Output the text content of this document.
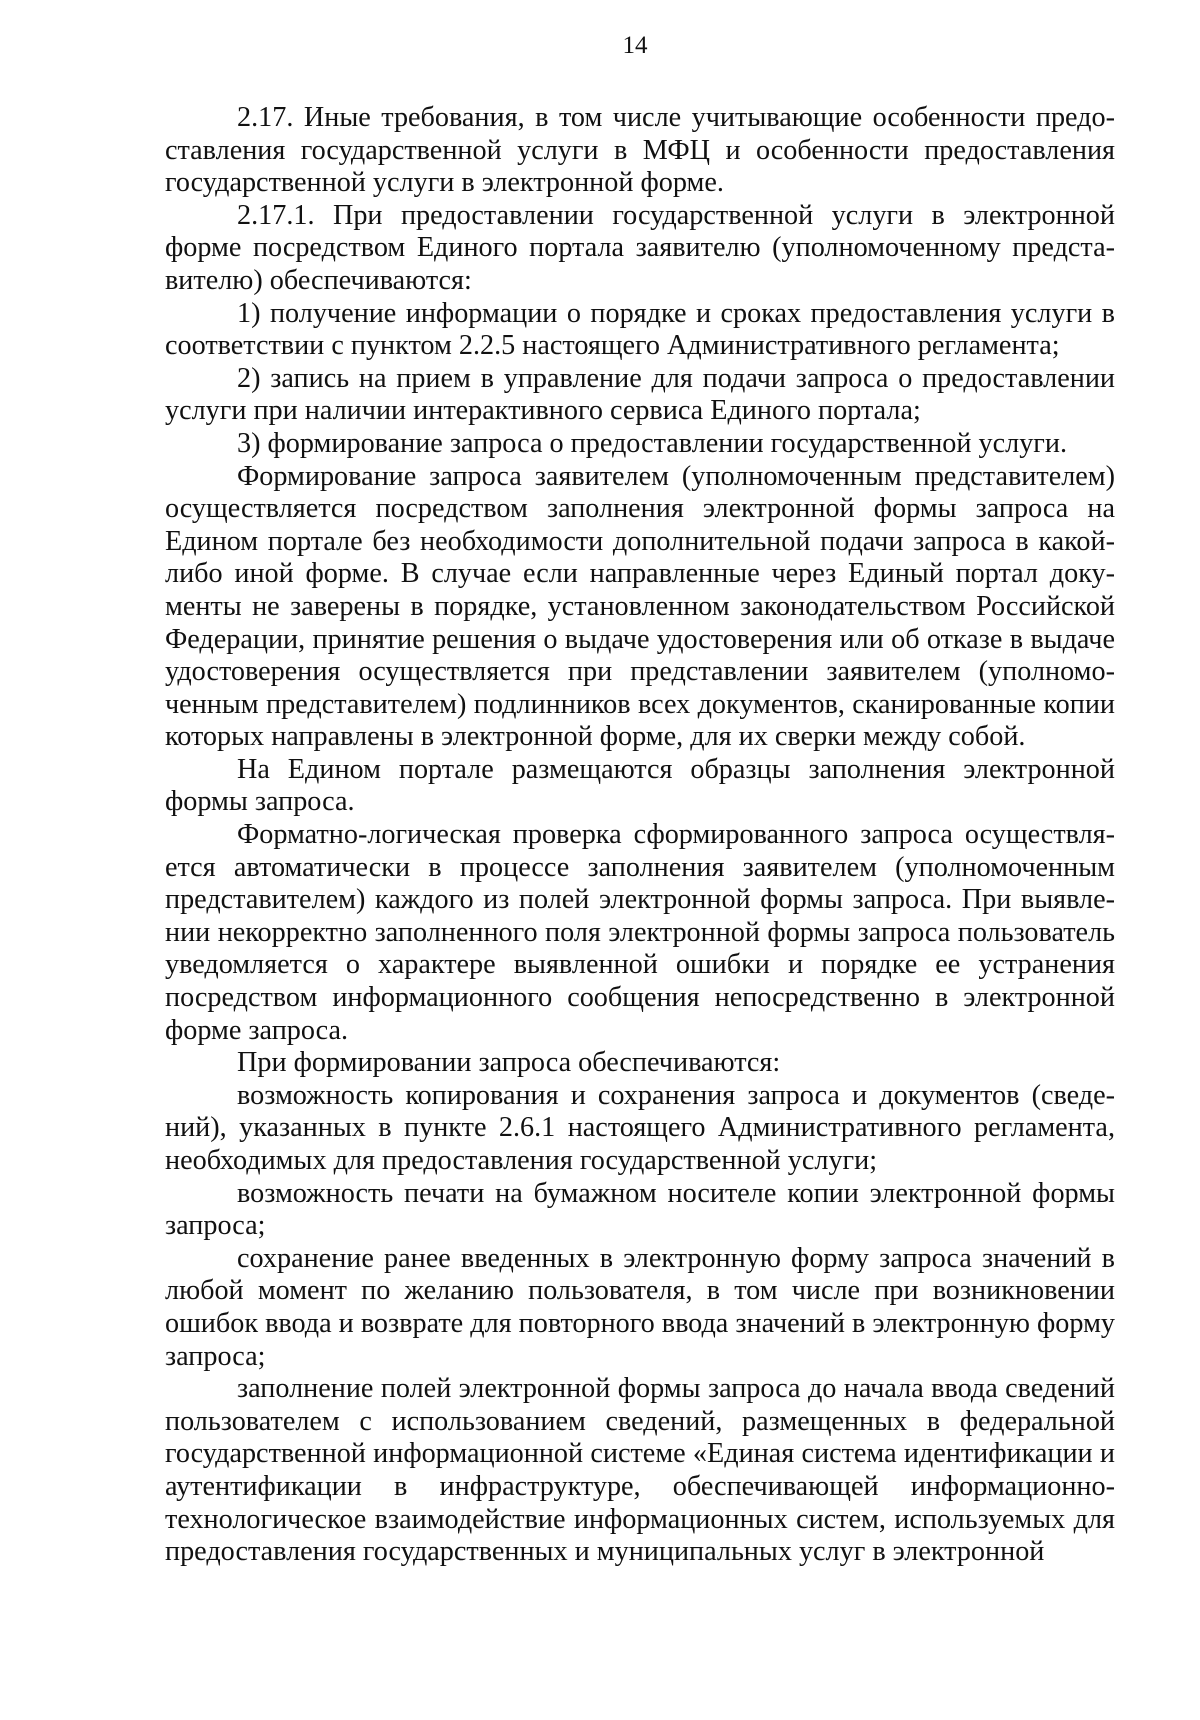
14

2.17. Иные требования, в том числе учитывающие особенности предоставления государственной услуги в МФЦ и особенности предоставления государственной услуги в электронной форме.

2.17.1. При предоставлении государственной услуги в электронной форме посредством Единого портала заявителю (уполномоченному представителю) обеспечиваются:

1) получение информации о порядке и сроках предоставления услуги в соответствии с пунктом 2.2.5 настоящего Административного регламента;

2) запись на прием в управление для подачи запроса о предоставлении услуги при наличии интерактивного сервиса Единого портала;

3) формирование запроса о предоставлении государственной услуги.

Формирование запроса заявителем (уполномоченным представителем) осуществляется посредством заполнения электронной формы запроса на Едином портале без необходимости дополнительной подачи запроса в какой-либо иной форме. В случае если направленные через Единый портал документы не заверены в порядке, установленном законодательством Российской Федерации, принятие решения о выдаче удостоверения или об отказе в выдаче удостоверения осуществляется при представлении заявителем (уполномоченным представителем) подлинников всех документов, сканированные копии которых направлены в электронной форме, для их сверки между собой.

На Едином портале размещаются образцы заполнения электронной формы запроса.

Форматно-логическая проверка сформированного запроса осуществляется автоматически в процессе заполнения заявителем (уполномоченным представителем) каждого из полей электронной формы запроса. При выявлении некорректно заполненного поля электронной формы запроса пользователь уведомляется о характере выявленной ошибки и порядке ее устранения посредством информационного сообщения непосредственно в электронной форме запроса.

При формировании запроса обеспечиваются:

возможность копирования и сохранения запроса и документов (сведений), указанных в пункте 2.6.1 настоящего Административного регламента, необходимых для предоставления государственной услуги;

возможность печати на бумажном носителе копии электронной формы запроса;

сохранение ранее введенных в электронную форму запроса значений в любой момент по желанию пользователя, в том числе при возникновении ошибок ввода и возврате для повторного ввода значений в электронную форму запроса;

заполнение полей электронной формы запроса до начала ввода сведений пользователем с использованием сведений, размещенных в федеральной государственной информационной системе «Единая система идентификации и аутентификации в инфраструктуре, обеспечивающей информационно-технологическое взаимодействие информационных систем, используемых для предоставления государственных и муниципальных услуг в электронной
